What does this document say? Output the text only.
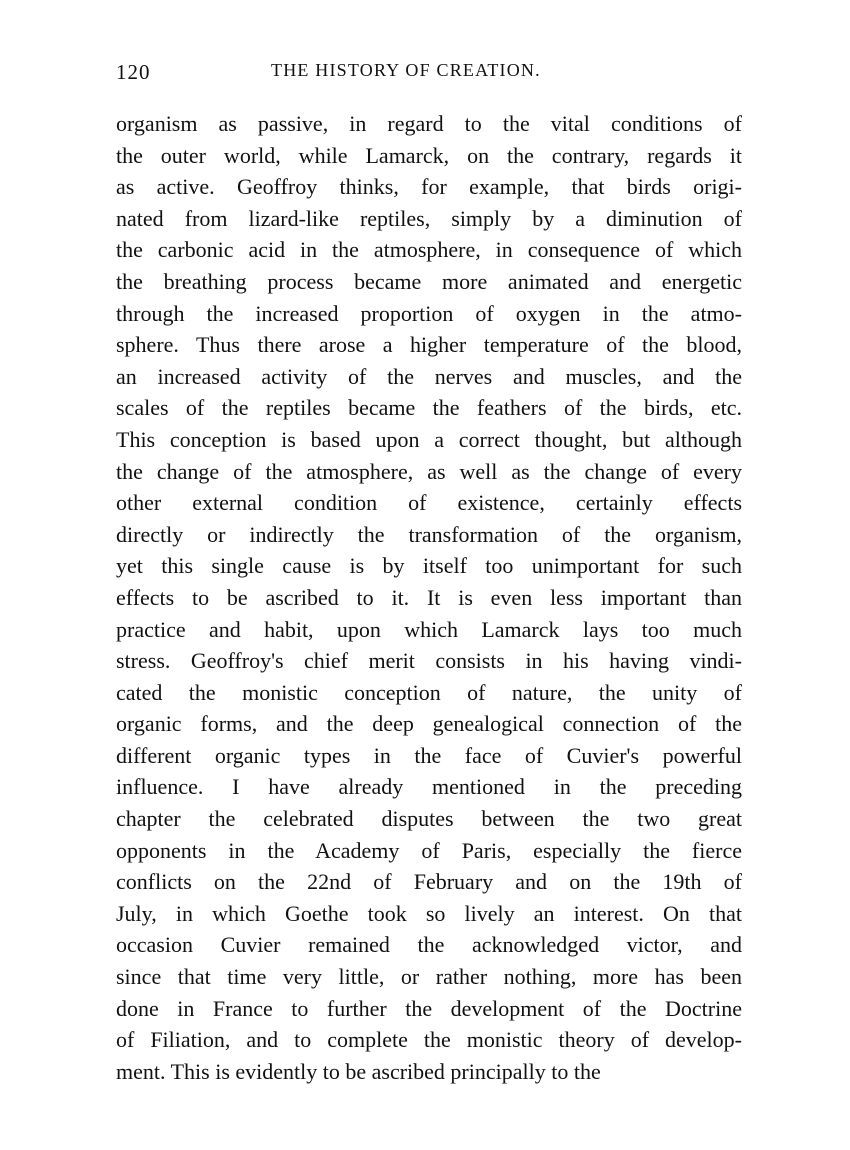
120	THE HISTORY OF CREATION.
organism as passive, in regard to the vital conditions of
the outer world, while Lamarck, on the contrary, regards it
as active. Geoffroy thinks, for example, that birds origi-
nated from lizard-like reptiles, simply by a diminution of
the carbonic acid in the atmosphere, in consequence of which
the breathing process became more animated and energetic
through the increased proportion of oxygen in the atmo-
sphere. Thus there arose a higher temperature of the blood,
an increased activity of the nerves and muscles, and the
scales of the reptiles became the feathers of the birds, etc.
This conception is based upon a correct thought, but although
the change of the atmosphere, as well as the change of every
other external condition of existence, certainly effects
directly or indirectly the transformation of the organism,
yet this single cause is by itself too unimportant for such
effects to be ascribed to it. It is even less important than
practice and habit, upon which Lamarck lays too much
stress. Geoffroy's chief merit consists in his having vindi-
cated the monistic conception of nature, the unity of
organic forms, and the deep genealogical connection of the
different organic types in the face of Cuvier's powerful
influence. I have already mentioned in the preceding
chapter the celebrated disputes between the two great
opponents in the Academy of Paris, especially the fierce
conflicts on the 22nd of February and on the 19th of
July, in which Goethe took so lively an interest. On that
occasion Cuvier remained the acknowledged victor, and
since that time very little, or rather nothing, more has been
done in France to further the development of the Doctrine
of Filiation, and to complete the monistic theory of develop-
ment. This is evidently to be ascribed principally to the
